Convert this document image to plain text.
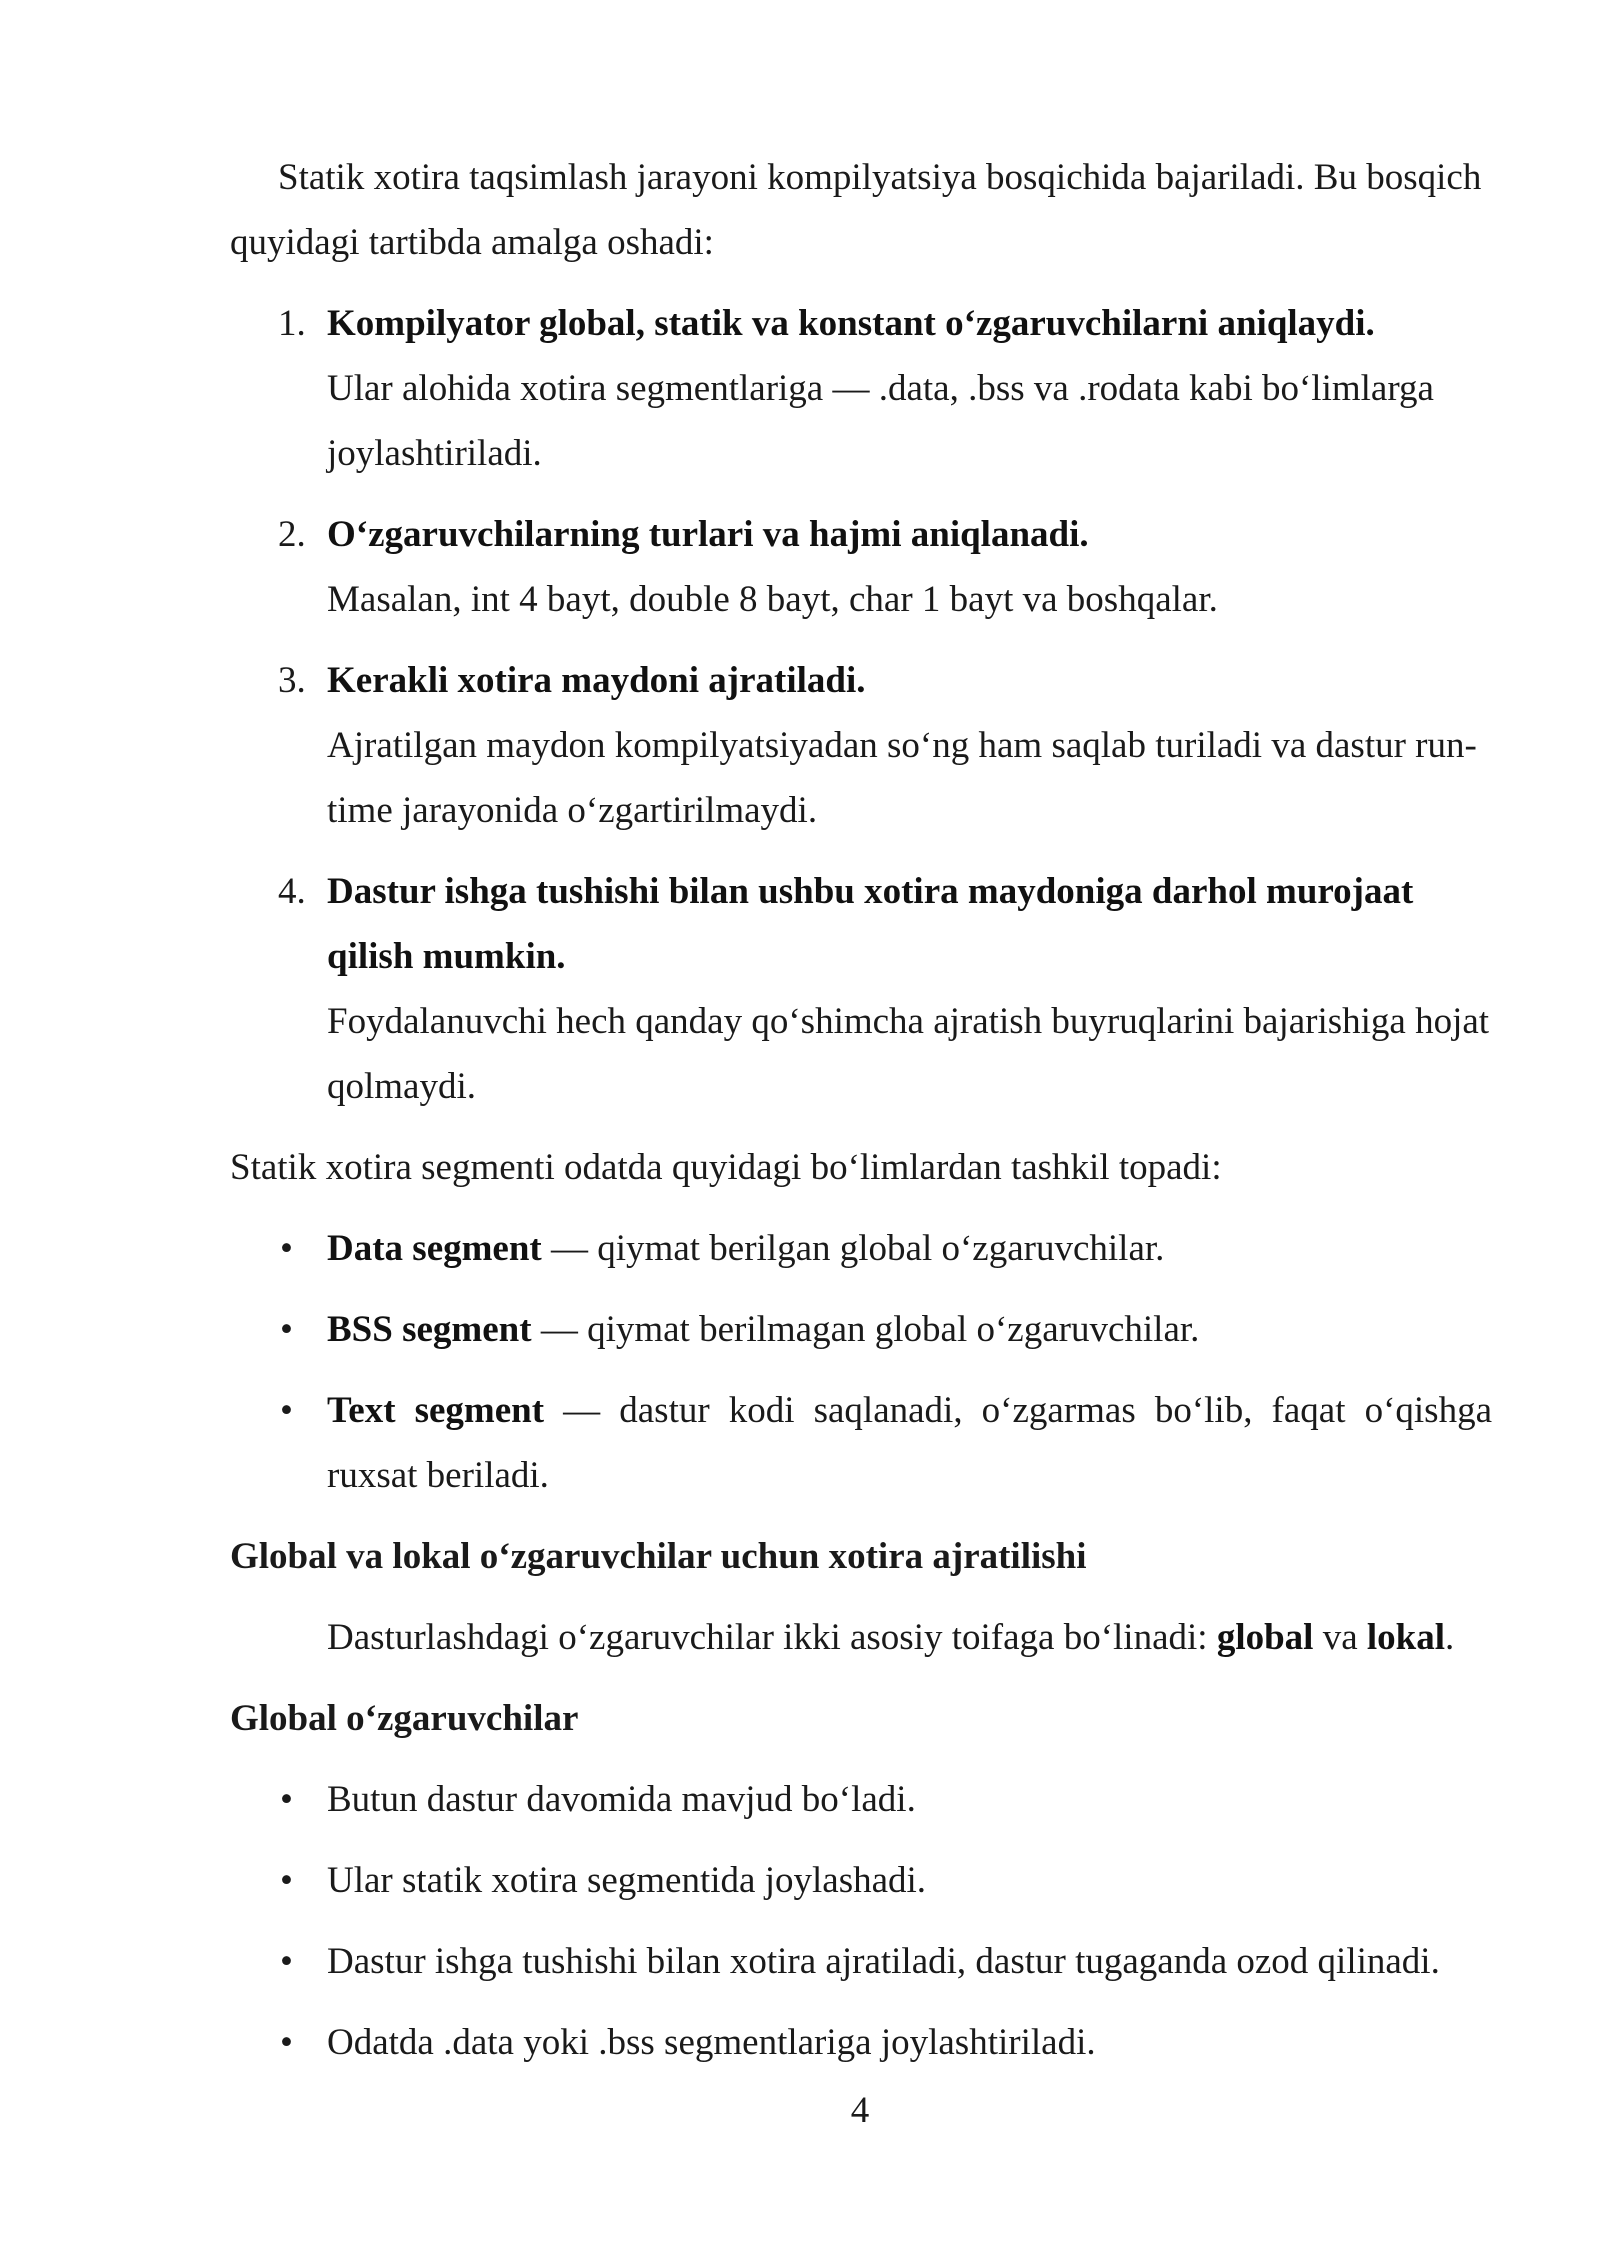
Statik xotira taqsimlash jarayoni kompilyatsiya bosqichida bajariladi. Bu bosqich quyidagi tartibda amalga oshadi:

1. Kompilyator global, statik va konstant o‘zgaruvchilarni aniqlaydi.
Ular alohida xotira segmentlariga — .data, .bss va .rodata kabi bo‘limlarga joylashtiriladi.
2. O‘zgaruvchilarning turlari va hajmi aniqlanadi.
Masalan, int 4 bayt, double 8 bayt, char 1 bayt va boshqalar.
3. Kerakli xotira maydoni ajratiladi.
Ajratilgan maydon kompilyatsiyadan so‘ng ham saqlab turiladi va dastur run-time jarayonida o‘zgartirilmaydi.
4. Dastur ishga tushishi bilan ushbu xotira maydoniga darhol murojaat qilish mumkin.
Foydalanuvchi hech qanday qo‘shimcha ajratish buyruqlarini bajarishiga hojat qolmaydi.

Statik xotira segmenti odatda quyidagi bo‘limlardan tashkil topadi:

• Data segment — qiymat berilgan global o‘zgaruvchilar.
• BSS segment — qiymat berilmagan global o‘zgaruvchilar.
• Text segment — dastur kodi saqlanadi, o‘zgarmas bo‘lib, faqat o‘qishga ruxsat beriladi.

Global va lokal o‘zgaruvchilar uchun xotira ajratilishi

Dasturlashdagi o‘zgaruvchilar ikki asosiy toifaga bo‘linadi: global va lokal.

Global o‘zgaruvchilar

• Butun dastur davomida mavjud bo‘ladi.
• Ular statik xotira segmentida joylashadi.
• Dastur ishga tushishi bilan xotira ajratiladi, dastur tugaganda ozod qilinadi.
• Odatda .data yoki .bss segmentlariga joylashtiriladi.
4
